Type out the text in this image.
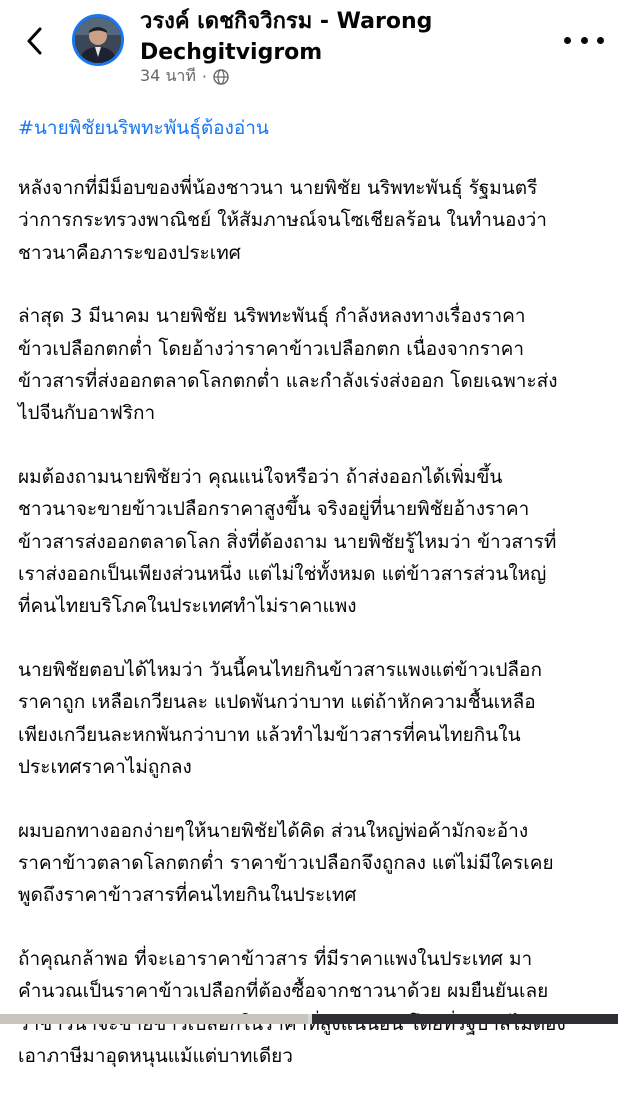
วรงค์ เดชกิจวิกรม - Warong
Dechgitvigrom
34 นาที ·
#นายพิชัยนริพทะพันธุ์ต้องอ่าน
หลังจากที่มีม็อบของพี่น้องชาวนา นายพิชัย นริพทะพันธุ์ รัฐมนตรี
ว่าการกระทรวงพาณิชย์ ให้สัมภาษณ์จนโซเชียลร้อน ในทำนองว่า
ชาวนาคือภาระของประเทศ
ล่าสุด 3 มีนาคม นายพิชัย นริพทะพันธุ์ กำลังหลงทางเรื่องราคา
ข้าวเปลือกตกต่ำ โดยอ้างว่าราคาข้าวเปลือกตก เนื่องจากราคา
ข้าวสารที่ส่งออกตลาดโลกตกต่ำ และกำลังเร่งส่งออก โดยเฉพาะส่ง
ไปจีนกับอาฟริกา
ผมต้องถามนายพิชัยว่า คุณแน่ใจหรือว่า ถ้าส่งออกได้เพิ่มขึ้น
ชาวนาจะขายข้าวเปลือกราคาสูงขึ้น จริงอยู่ที่นายพิชัยอ้างราคา
ข้าวสารส่งออกตลาดโลก สิ่งที่ต้องถาม นายพิชัยรู้ไหมว่า ข้าวสารที่
เราส่งออกเป็นเพียงส่วนหนึ่ง แต่ไม่ใช่ทั้งหมด แต่ข้าวสารส่วนใหญ่
ที่คนไทยบริโภคในประเทศทำไม่ราคาแพง
นายพิชัยตอบได้ไหมว่า วันนี้คนไทยกินข้าวสารแพงแต่ข้าวเปลือก
ราคาถูก เหลือเกวียนละ แปดพันกว่าบาท แต่ถ้าหักความชื้นเหลือ
เพียงเกวียนละหกพันกว่าบาท แล้วทำไมข้าวสารที่คนไทยกินใน
ประเทศราคาไม่ถูกลง
ผมบอกทางออกง่ายๆให้นายพิชัยได้คิด ส่วนใหญ่พ่อค้ามักจะอ้าง
ราคาข้าวตลาดโลกตกต่ำ ราคาข้าวเปลือกจึงถูกลง แต่ไม่มีใครเคย
พูดถึงราคาข้าวสารที่คนไทยกินในประเทศ
ถ้าคุณกล้าพอ ที่จะเอาราคาข้าวสาร ที่มีราคาแพงในประเทศ มา
คำนวณเป็นราคาข้าวเปลือกที่ต้องซื้อจากชาวนาด้วย ผมยืนยันเลย
เอาภาษีมาอุดหนุนแม้แต่บาทเดียว
